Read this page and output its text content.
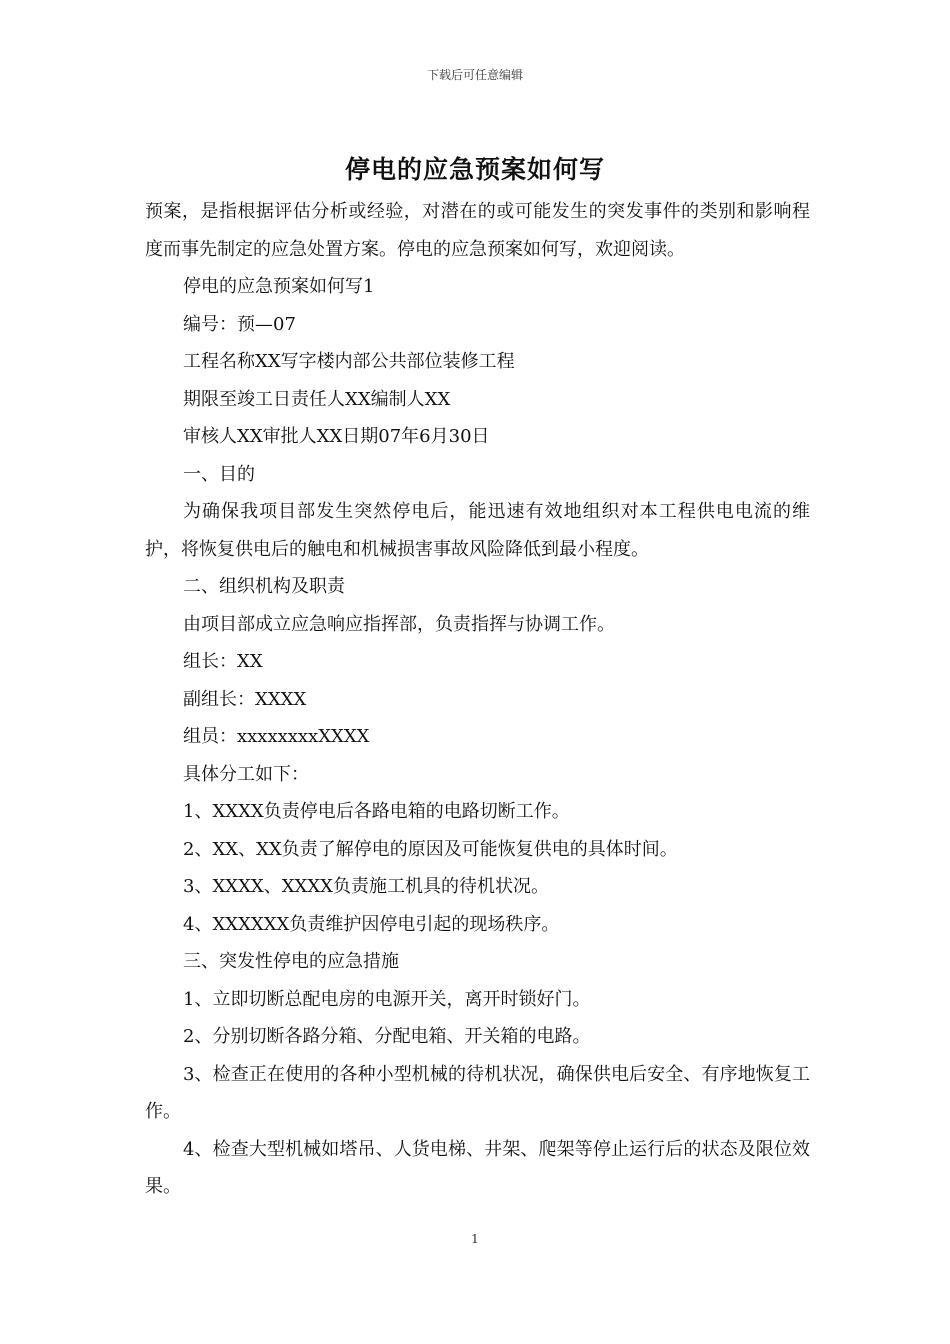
下载后可任意编辑
停电的应急预案如何写

预案，是指根据评估分析或经验，对潜在的或可能发生的突发事件的类别和影响程度而事先制定的应急处置方案。停电的应急预案如何写，欢迎阅读。

停电的应急预案如何写1

编号：预—07

工程名称XX写字楼内部公共部位装修工程

期限至竣工日责任人XX编制人XX

审核人XX审批人XX日期07年6月30日

一、目的

为确保我项目部发生突然停电后，能迅速有效地组织对本工程供电电流的维护，将恢复供电后的触电和机械损害事故风险降低到最小程度。

二、组织机构及职责

由项目部成立应急响应指挥部，负责指挥与协调工作。

组长：XX

副组长：XXXX

组员：xxxxxxxxXXXX

具体分工如下：

1、XXXX负责停电后各路电箱的电路切断工作。

2、XX、XX负责了解停电的原因及可能恢复供电的具体时间。

3、XXXX、XXXX负责施工机具的待机状况。

4、XXXXXX负责维护因停电引起的现场秩序。

三、突发性停电的应急措施

1、立即切断总配电房的电源开关，离开时锁好门。

2、分别切断各路分箱、分配电箱、开关箱的电路。

3、检查正在使用的各种小型机械的待机状况，确保供电后安全、有序地恢复工作。

4、检查大型机械如塔吊、人货电梯、井架、爬架等停止运行后的状态及限位效果。

1
